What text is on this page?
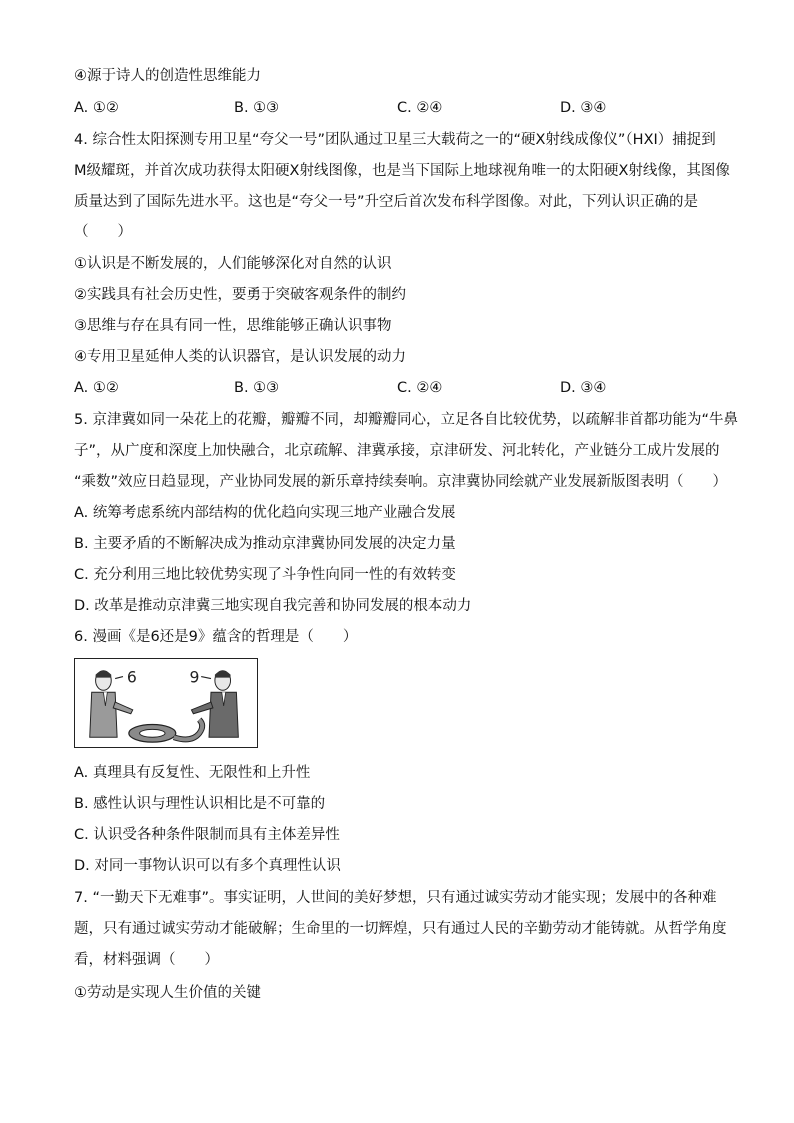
④源于诗人的创造性思维能力
A. ①②	B. ①③	C. ②④	D. ③④
4. 综合性太阳探测专用卫星“夸父一号”团队通过卫星三大载荷之一的“硬X射线成像仪”（HXI）捕捉到
M级耀斑，并首次成功获得太阳硬X射线图像，也是当下国际上地球视角唯一的太阳硬X射线像，其图像
质量达到了国际先进水平。这也是“夸父一号”升空后首次发布科学图像。对此，下列认识正确的是
（　　）
①认识是不断发展的，人们能够深化对自然的认识
②实践具有社会历史性，要勇于突破客观条件的制约
③思维与存在具有同一性，思维能够正确认识事物
④专用卫星延伸人类的认识器官，是认识发展的动力
A. ①②	B. ①③	C. ②④	D. ③④
5. 京津冀如同一朵花上的花瓣，瓣瓣不同，却瓣瓣同心，立足各自比较优势，以疏解非首都功能为“牛鼻
子”，从广度和深度上加快融合，北京疏解、津冀承接，京津研发、河北转化，产业链分工成片发展的
“乘数”效应日趋显现，产业协同发展的新乐章持续奏响。京津冀协同绘就产业发展新版图表明（　　）
A. 统筹考虑系统内部结构的优化趋向实现三地产业融合发展
B. 主要矛盾的不断解决成为推动京津冀协同发展的决定力量
C. 充分利用三地比较优势实现了斗争性向同一性的有效转变
D. 改革是推动京津冀三地实现自我完善和协同发展的根本动力
6. 漫画《是6还是9》蕴含的哲理是（　　）
6	9
A. 真理具有反复性、无限性和上升性
B. 感性认识与理性认识相比是不可靠的
C. 认识受各种条件限制而具有主体差异性
D. 对同一事物认识可以有多个真理性认识
7. “一勤天下无难事”。事实证明，人世间的美好梦想，只有通过诚实劳动才能实现；发展中的各种难
题，只有通过诚实劳动才能破解；生命里的一切辉煌，只有通过人民的辛勤劳动才能铸就。从哲学角度
看，材料强调（　　）
①劳动是实现人生价值的关键
